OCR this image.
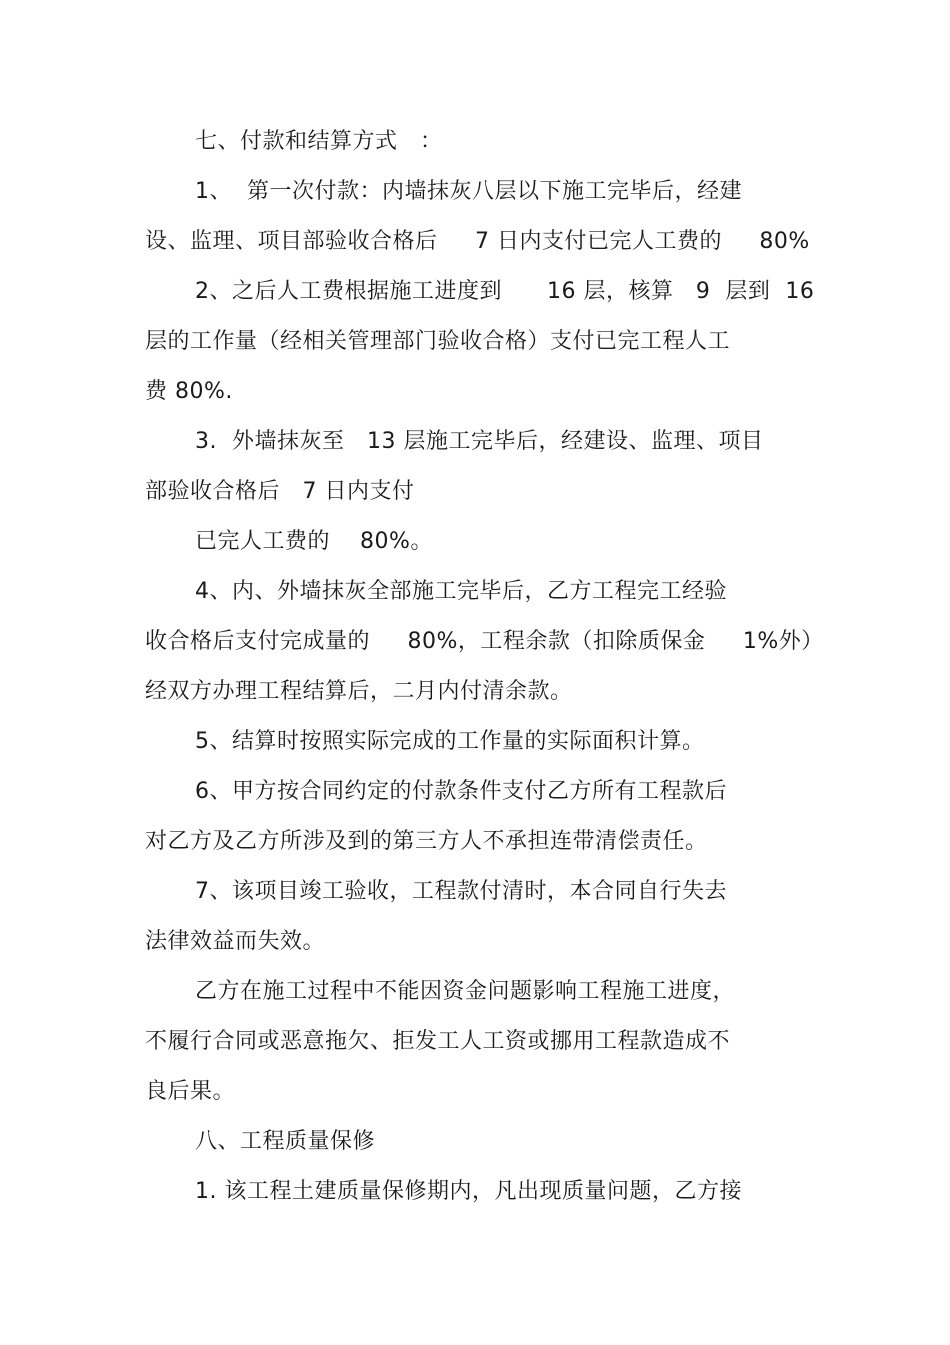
七、付款和结算方式   ：
1、  第一次付款：内墙抹灰八层以下施工完毕后，经建
设、监理、项目部验收合格后     7 日内支付已完人工费的     80%
2、之后人工费根据施工进度到      16 层，核算   9  层到  16
层的工作量（经相关管理部门验收合格）支付已完工程人工
费 80%.
3.  外墙抹灰至   13 层施工完毕后，经建设、监理、项目
部验收合格后   7 日内支付
已完人工费的    80%。
4、内、外墙抹灰全部施工完毕后，乙方工程完工经验
收合格后支付完成量的     80%，工程余款（扣除质保金     1%外）
经双方办理工程结算后，二月内付清余款。
5、结算时按照实际完成的工作量的实际面积计算。
6、甲方按合同约定的付款条件支付乙方所有工程款后
对乙方及乙方所涉及到的第三方人不承担连带清偿责任。
7、该项目竣工验收，工程款付清时，本合同自行失去
法律效益而失效。
乙方在施工过程中不能因资金问题影响工程施工进度，
不履行合同或恶意拖欠、拒发工人工资或挪用工程款造成不
良后果。
八、工程质量保修
1. 该工程土建质量保修期内，凡出现质量问题，乙方接
